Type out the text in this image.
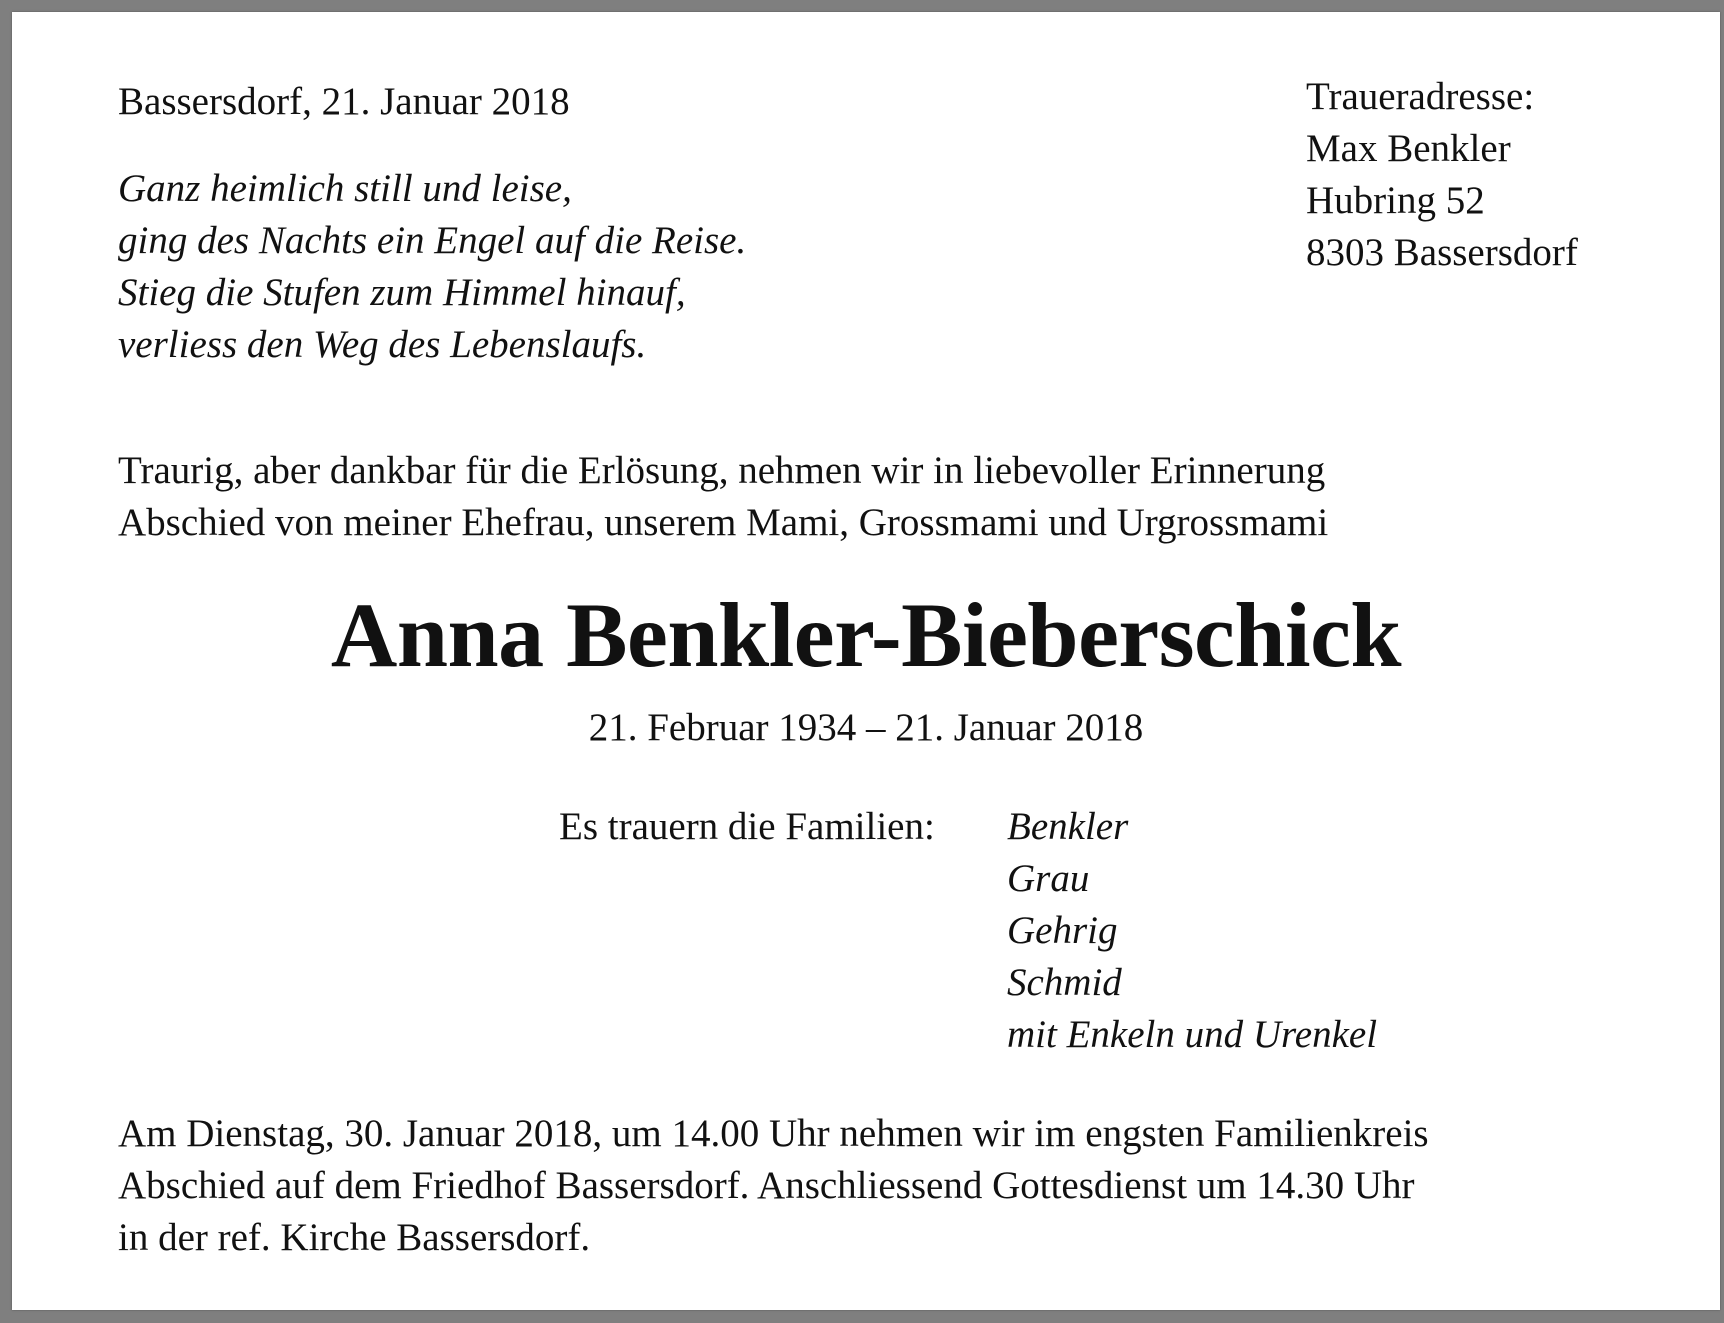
Bassersdorf, 21. Januar 2018

Ganz heimlich still und leise,
ging des Nachts ein Engel auf die Reise.
Stieg die Stufen zum Himmel hinauf,
verliess den Weg des Lebenslaufs.
Traueradresse:
Max Benkler
Hubring 52
8303 Bassersdorf
Traurig, aber dankbar für die Erlösung, nehmen wir in liebevoller Erinnerung
Abschied von meiner Ehefrau, unserem Mami, Grossmami und Urgrossmami
Anna Benkler-Bieberschick

21. Februar 1934 – 21. Januar 2018

Es trauern die Familien: Benkler
Grau
Gehrig
Schmid
mit Enkeln und Urenkel
Am Dienstag, 30. Januar 2018, um 14.00 Uhr nehmen wir im engsten Familienkreis
Abschied auf dem Friedhof Bassersdorf. Anschliessend Gottesdienst um 14.30 Uhr
in der ref. Kirche Bassersdorf.
